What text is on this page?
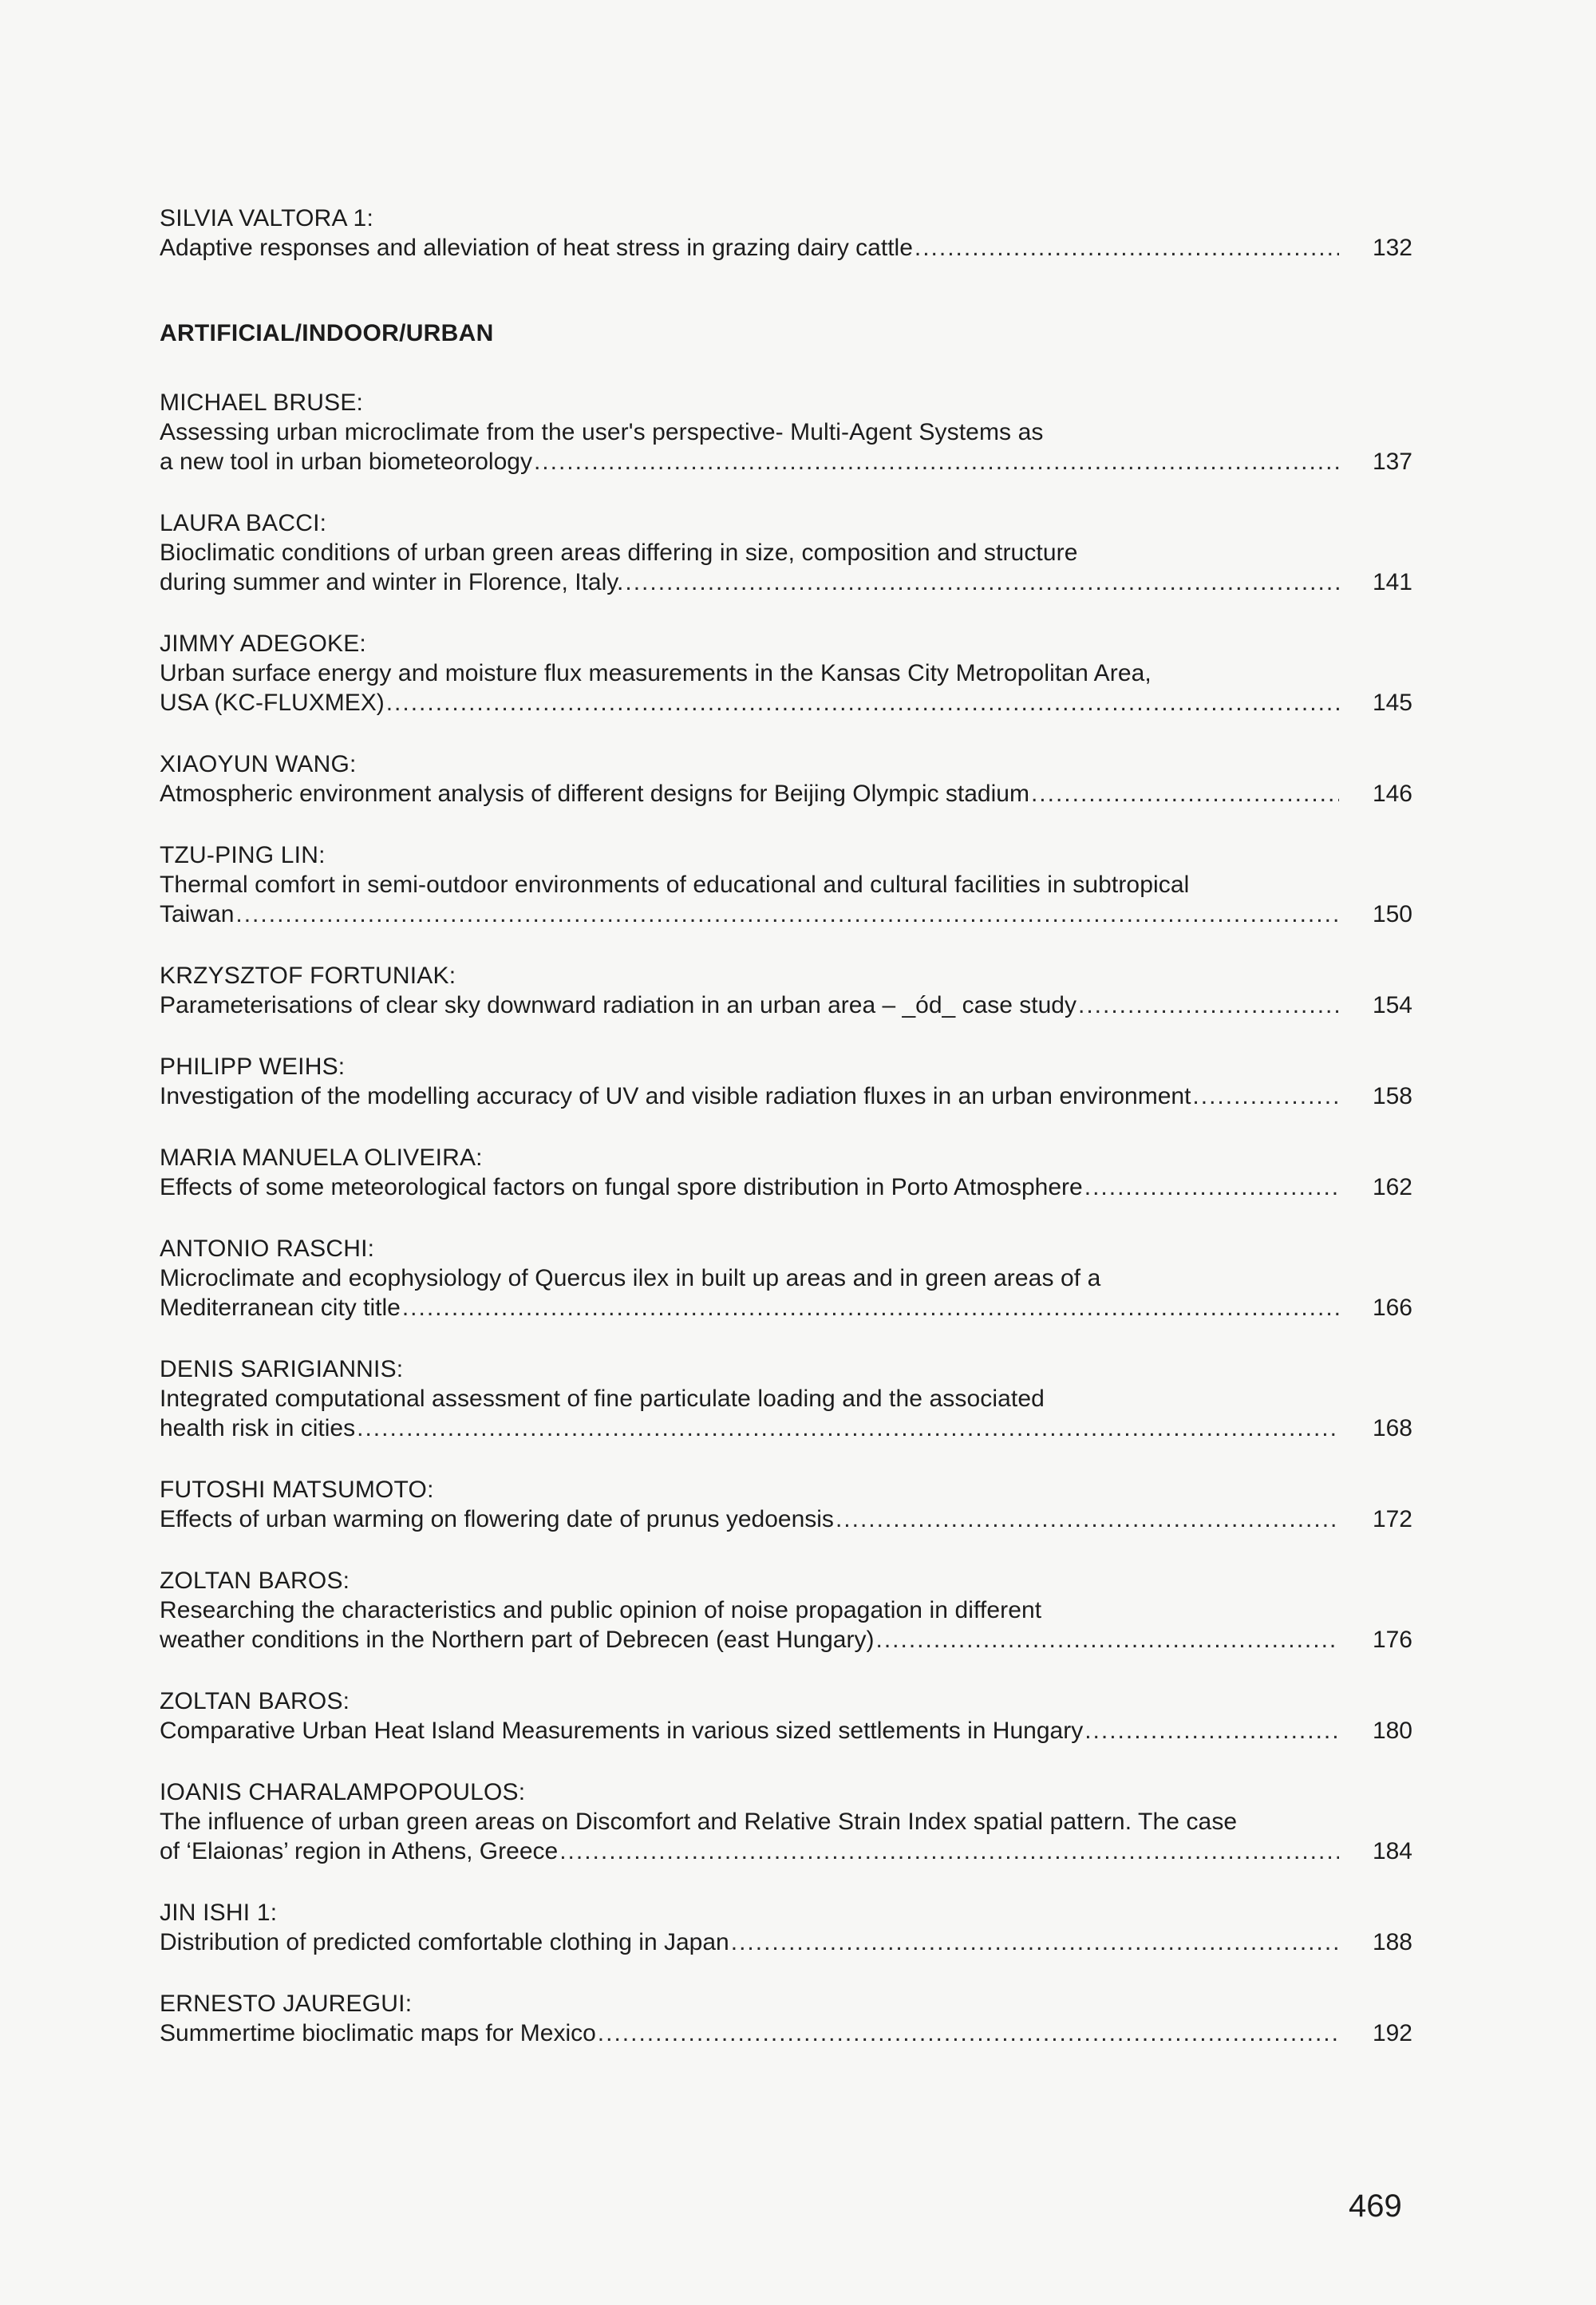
SILVIA VALTORA 1:
Adaptive responses and alleviation of heat stress in grazing dairy cattle .....	132
ARTIFICIAL/INDOOR/URBAN
MICHAEL BRUSE:
Assessing urban microclimate from the user's perspective- Multi-Agent Systems as
a new tool in urban biometeorology .....	137
LAURA BACCI:
Bioclimatic conditions of urban green areas differing in size, composition and structure
during summer and winter in Florence, Italy. .....	141
JIMMY ADEGOKE:
Urban surface energy and moisture flux measurements in the Kansas City Metropolitan Area,
USA (KC-FLUXMEX) .....	145
XIAOYUN WANG:
Atmospheric environment analysis of different designs for Beijing Olympic stadium .....	146
TZU-PING LIN:
Thermal comfort in semi-outdoor environments of educational and cultural facilities in subtropical
Taiwan .....	150
KRZYSZTOF FORTUNIAK:
Parameterisations of clear sky downward radiation in an urban area – _ód_ case study .....	154
PHILIPP WEIHS:
Investigation of the modelling accuracy of UV and visible radiation fluxes in an urban environment .....	158
MARIA MANUELA OLIVEIRA:
Effects of some meteorological factors on fungal spore distribution in Porto Atmosphere .....	162
ANTONIO RASCHI:
Microclimate and ecophysiology of Quercus ilex in built up areas and in green areas of a
Mediterranean city title .....	166
DENIS SARIGIANNIS:
Integrated computational assessment of fine particulate loading and the associated
health risk in cities .....	168
FUTOSHI MATSUMOTO:
Effects of urban warming on flowering date of prunus yedoensis .....	172
ZOLTAN BAROS:
Researching the characteristics and public opinion of noise propagation in different
weather conditions in the Northern part of Debrecen (east Hungary) .....	176
ZOLTAN BAROS:
Comparative Urban Heat Island Measurements in various sized settlements in Hungary .....	180
IOANIS CHARALAMPOPOULOS:
The influence of urban green areas on Discomfort and Relative Strain Index spatial pattern. The case
of ‘Elaionas’ region in Athens, Greece .....	184
JIN ISHI 1:
Distribution of predicted comfortable clothing in Japan .....	188
ERNESTO JAUREGUI:
Summertime bioclimatic maps for Mexico .....	192
469
